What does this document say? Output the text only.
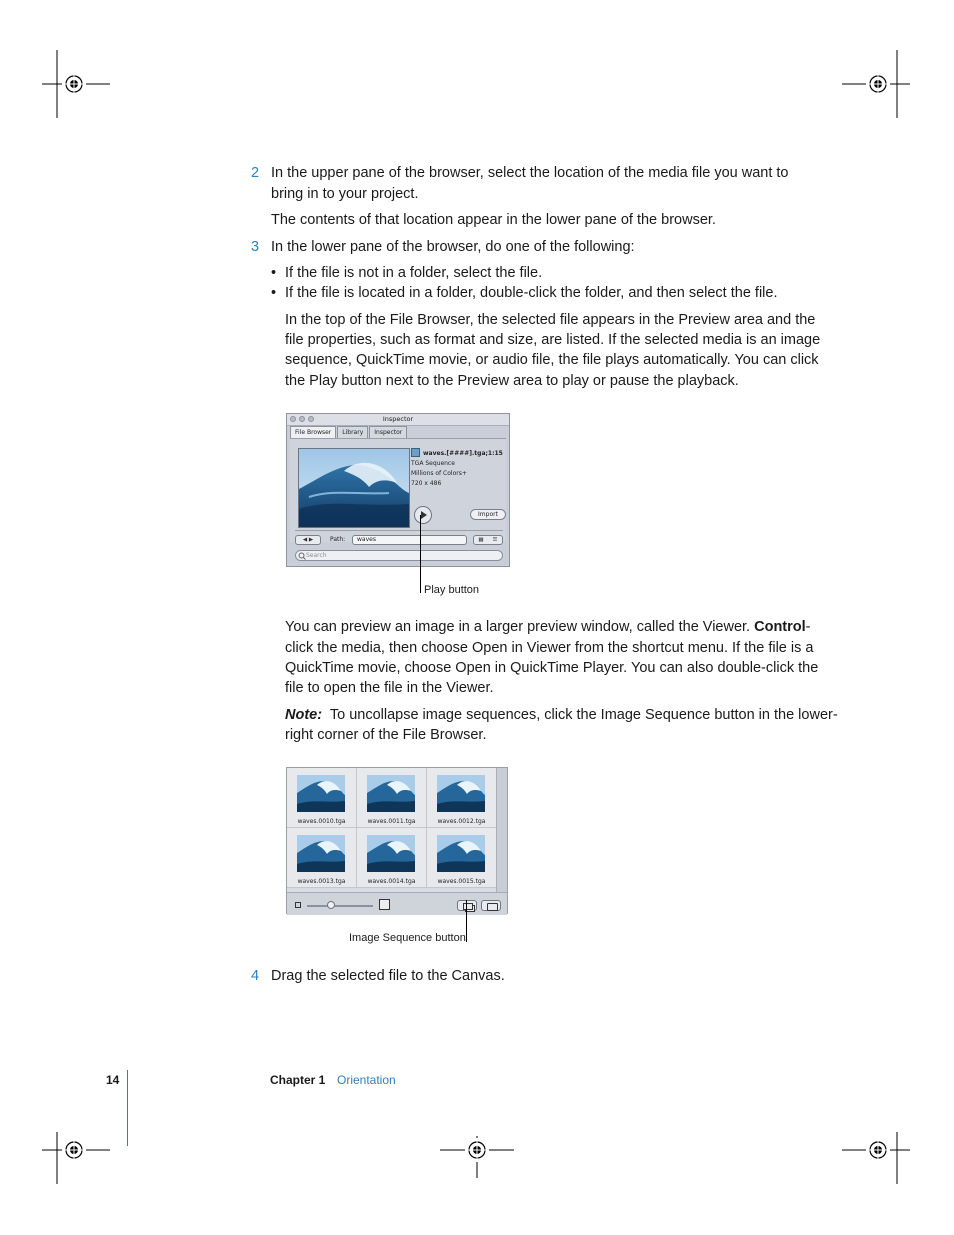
2 In the upper pane of the browser, select the location of the media file you want to
bring in to your project.
The contents of that location appear in the lower pane of the browser.
3 In the lower pane of the browser, do one of the following:
• If the file is not in a folder, select the file.
• If the file is located in a folder, double-click the folder, and then select the file.
In the top of the File Browser, the selected file appears in the Preview area and the
file properties, such as format and size, are listed. If the selected media is an image
sequence, QuickTime movie, or audio file, the file plays automatically. You can click
the Play button next to the Preview area to play or pause the playback.
Inspector
File Browser	Library	Inspector
waves.[####].tga;1:15
TGA Sequence
Millions of Colors+
720 x 486
Import
◀ ▶	Path:	waves	▦	☰
Search
Play button
You can preview an image in a larger preview window, called the Viewer. Control-
click the media, then choose Open in Viewer from the shortcut menu. If the file is a
QuickTime movie, choose Open in QuickTime Player. You can also double-click the
file to open the file in the Viewer.
Note: To uncollapse image sequences, click the Image Sequence button in the lower-
right corner of the File Browser.
waves.0010.tga	waves.0011.tga	waves.0012.tga
waves.0013.tga	waves.0014.tga	waves.0015.tga
Image Sequence button
4 Drag the selected file to the Canvas.
14	Chapter 1 Orientation
